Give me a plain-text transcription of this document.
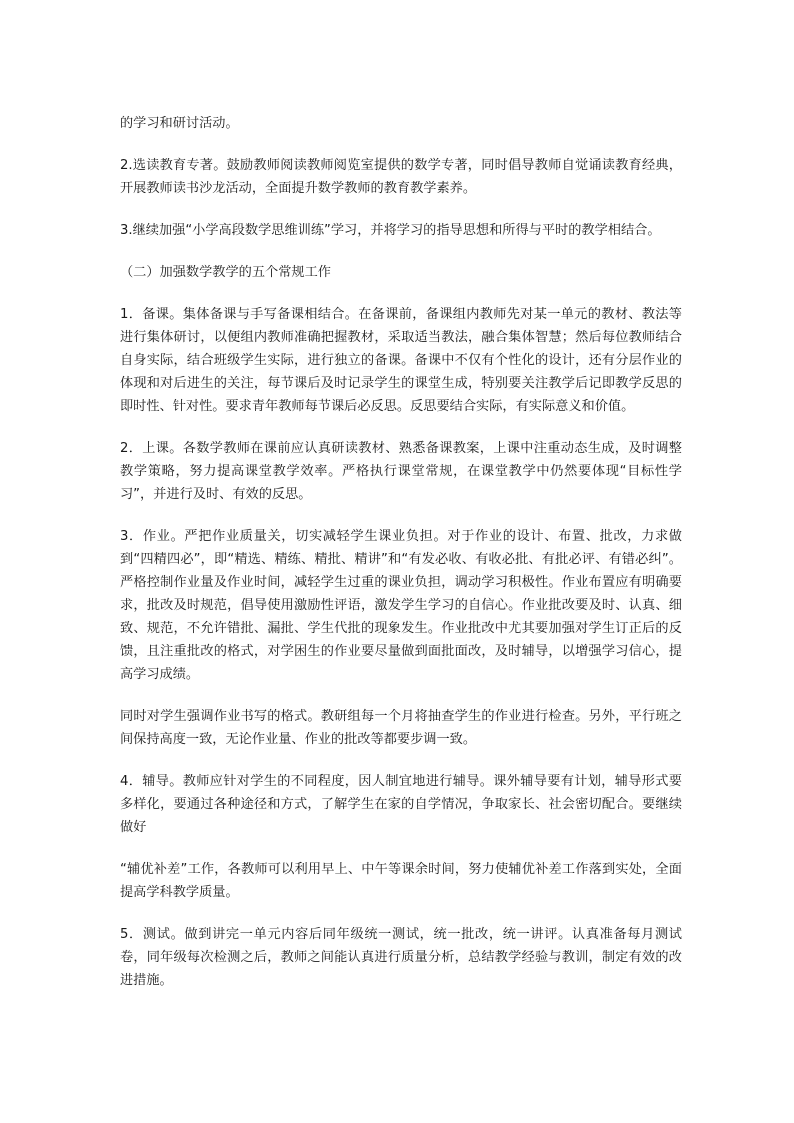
的学习和研讨活动。

2.选读教育专著。鼓励教师阅读教师阅览室提供的数学专著，同时倡导教师自觉诵读教育经典，开展教师读书沙龙活动，全面提升数学教师的教育教学素养。

3.继续加强“小学高段数学思维训练”学习，并将学习的指导思想和所得与平时的教学相结合。

（二）加强数学教学的五个常规工作

1．备课。集体备课与手写备课相结合。在备课前，备课组内教师先对某一单元的教材、教法等进行集体研讨，以便组内教师准确把握教材，采取适当教法，融合集体智慧；然后每位教师结合自身实际，结合班级学生实际，进行独立的备课。备课中不仅有个性化的设计，还有分层作业的体现和对后进生的关注，每节课后及时记录学生的课堂生成，特别要关注教学后记即教学反思的即时性、针对性。要求青年教师每节课后必反思。反思要结合实际，有实际意义和价值。

2．上课。各数学教师在课前应认真研读教材、熟悉备课教案，上课中注重动态生成，及时调整教学策略，努力提高课堂教学效率。严格执行课堂常规，在课堂教学中仍然要体现“目标性学习”，并进行及时、有效的反思。

3．作业。严把作业质量关，切实减轻学生课业负担。对于作业的设计、布置、批改，力求做到“四精四必”，即“精选、精练、精批、精讲”和“有发必收、有收必批、有批必评、有错必纠”。严格控制作业量及作业时间，减轻学生过重的课业负担，调动学习积极性。作业布置应有明确要求，批改及时规范，倡导使用激励性评语，激发学生学习的自信心。作业批改要及时、认真、细致、规范，不允许错批、漏批、学生代批的现象发生。作业批改中尤其要加强对学生订正后的反馈，且注重批改的格式，对学困生的作业要尽量做到面批面改，及时辅导，以增强学习信心，提高学习成绩。

同时对学生强调作业书写的格式。教研组每一个月将抽查学生的作业进行检查。另外，平行班之间保持高度一致，无论作业量、作业的批改等都要步调一致。

4．辅导。教师应针对学生的不同程度，因人制宜地进行辅导。课外辅导要有计划，辅导形式要多样化，要通过各种途径和方式，了解学生在家的自学情况，争取家长、社会密切配合。要继续做好

“辅优补差”工作，各教师可以利用早上、中午等课余时间，努力使辅优补差工作落到实处，全面提高学科教学质量。

5．测试。做到讲完一单元内容后同年级统一测试，统一批改，统一讲评。认真准备每月测试卷，同年级每次检测之后，教师之间能认真进行质量分析，总结教学经验与教训，制定有效的改进措施。
